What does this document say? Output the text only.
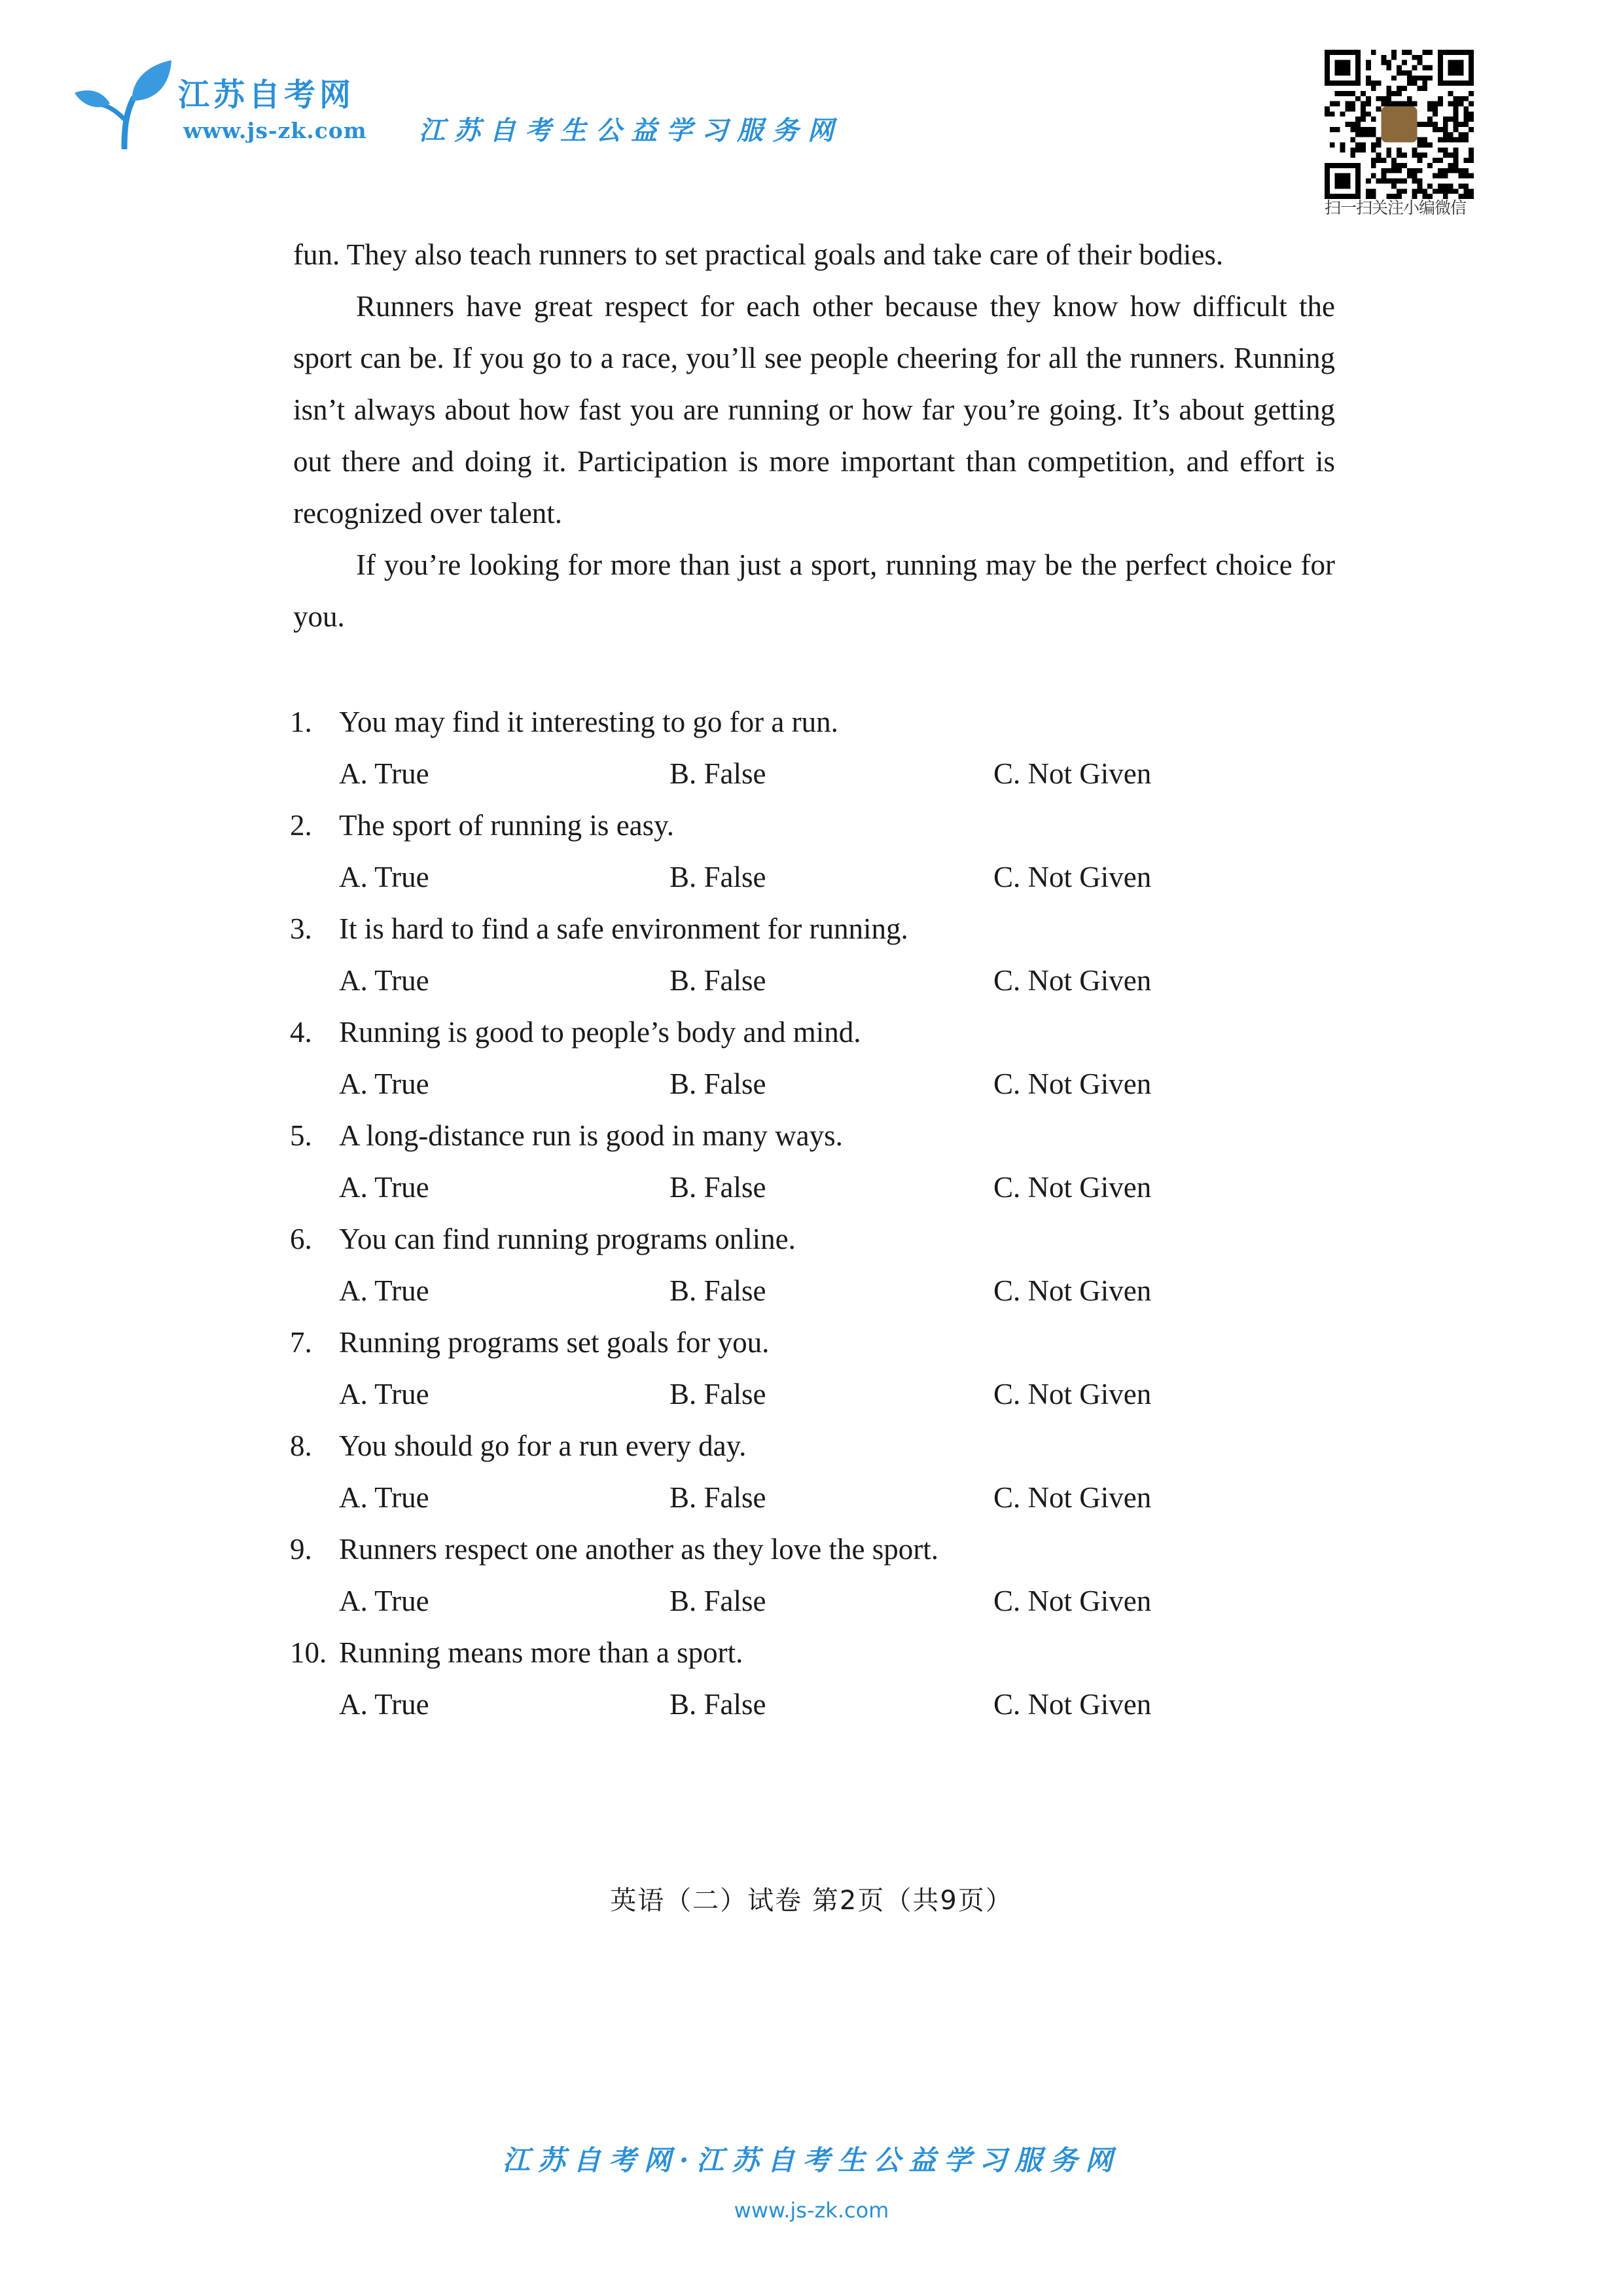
江苏自考网
www.js-zk.com 江苏自考生公益学习服务网
扫一扫关注小编微信

fun. They also teach runners to set practical goals and take care of their bodies.

Runners have great respect for each other because they know how difficult the sport can be. If you go to a race, you’ll see people cheering for all the runners. Running isn’t always about how fast you are running or how far you’re going. It’s about getting out there and doing it. Participation is more important than competition, and effort is recognized over talent.

If you’re looking for more than just a sport, running may be the perfect choice for you.

1. You may find it interesting to go for a run.
A. True	B. False	C. Not Given
2. The sport of running is easy.
A. True	B. False	C. Not Given
3. It is hard to find a safe environment for running.
A. True	B. False	C. Not Given
4. Running is good to people’s body and mind.
A. True	B. False	C. Not Given
5. A long-distance run is good in many ways.
A. True	B. False	C. Not Given
6. You can find running programs online.
A. True	B. False	C. Not Given
7. Running programs set goals for you.
A. True	B. False	C. Not Given
8. You should go for a run every day.
A. True	B. False	C. Not Given
9. Runners respect one another as they love the sport.
A. True	B. False	C. Not Given
10. Running means more than a sport.
A. True	B. False	C. Not Given
英语（二）试卷 第2页（共9页）
江苏自考网·江苏自考生公益学习服务网
www.js-zk.com
